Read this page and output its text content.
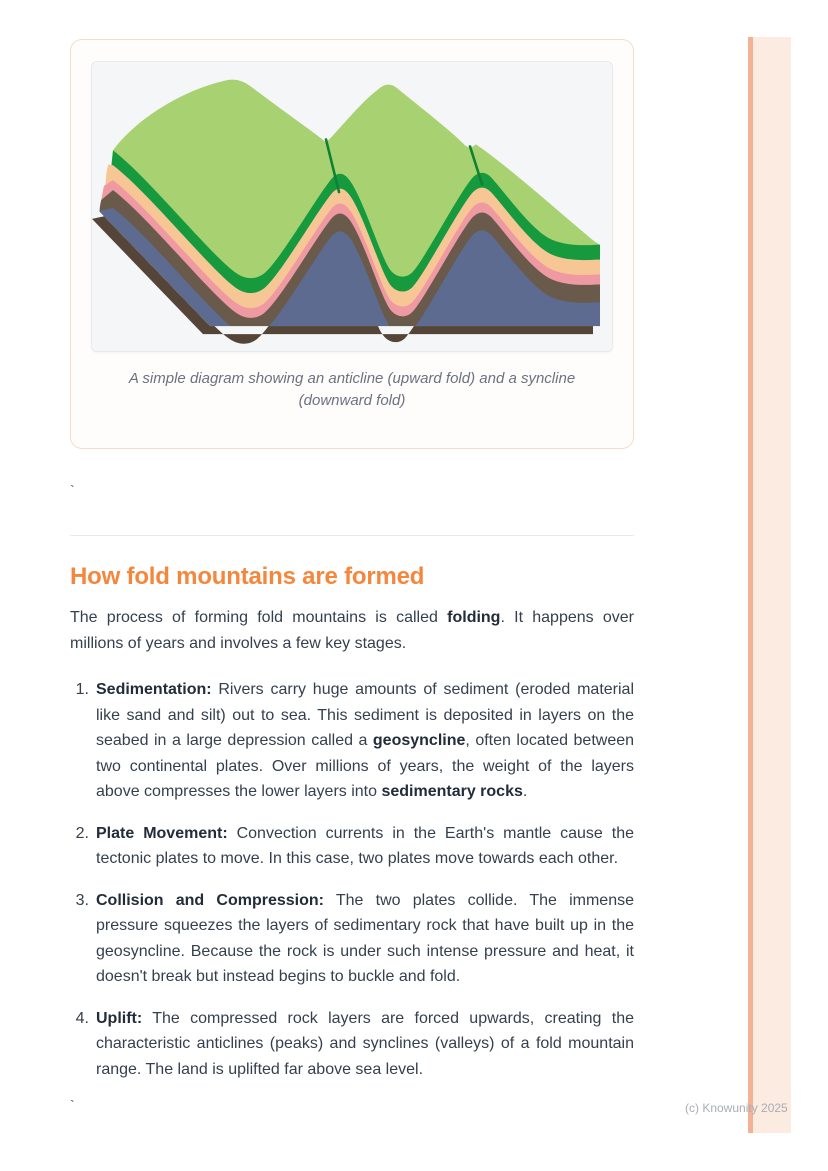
A simple diagram showing an anticline (upward fold) and a syncline (downward fold)
`
How fold mountains are formed

The process of forming fold mountains is called folding. It happens over millions of years and involves a few key stages.

1. Sedimentation: Rivers carry huge amounts of sediment (eroded material like sand and silt) out to sea. This sediment is deposited in layers on the seabed in a large depression called a geosyncline, often located between two continental plates. Over millions of years, the weight of the layers above compresses the lower layers into sedimentary rocks.
2. Plate Movement: Convection currents in the Earth's mantle cause the tectonic plates to move. In this case, two plates move towards each other.
3. Collision and Compression: The two plates collide. The immense pressure squeezes the layers of sedimentary rock that have built up in the geosyncline. Because the rock is under such intense pressure and heat, it doesn't break but instead begins to buckle and fold.
4. Uplift: The compressed rock layers are forced upwards, creating the characteristic anticlines (peaks) and synclines (valleys) of a fold mountain range. The land is uplifted far above sea level.
`	(c) Knowunity 2025
